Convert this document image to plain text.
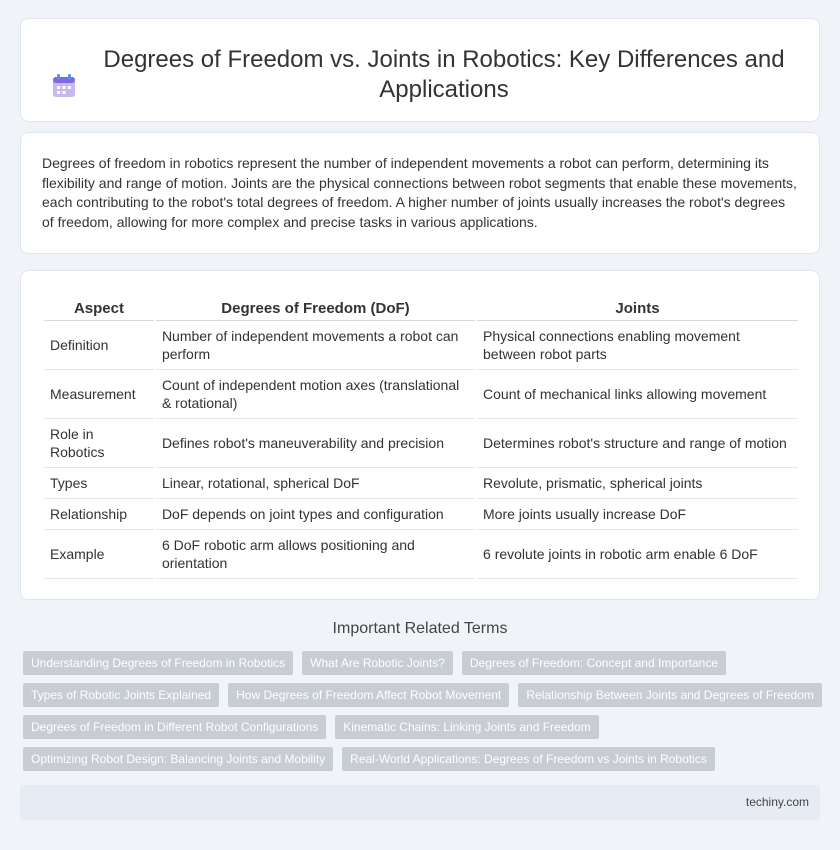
Degrees of Freedom vs. Joints in Robotics: Key Differences and Applications

Degrees of freedom in robotics represent the number of independent movements a robot can perform, determining its flexibility and range of motion. Joints are the physical connections between robot segments that enable these movements, each contributing to the robot's total degrees of freedom. A higher number of joints usually increases the robot's degrees of freedom, allowing for more complex and precise tasks in various applications.

Aspect	Degrees of Freedom (DoF)	Joints
Definition	Number of independent movements a robot can perform	Physical connections enabling movement between robot parts
Measurement	Count of independent motion axes (translational & rotational)	Count of mechanical links allowing movement
Role in Robotics	Defines robot's maneuverability and precision	Determines robot's structure and range of motion
Types	Linear, rotational, spherical DoF	Revolute, prismatic, spherical joints
Relationship	DoF depends on joint types and configuration	More joints usually increase DoF
Example	6 DoF robotic arm allows positioning and orientation	6 revolute joints in robotic arm enable 6 DoF
Important Related Terms
Understanding Degrees of Freedom in Robotics	What Are Robotic Joints?	Degrees of Freedom: Concept and Importance
Types of Robotic Joints Explained	How Degrees of Freedom Affect Robot Movement	Relationship Between Joints and Degrees of Freedom
Degrees of Freedom in Different Robot Configurations	Kinematic Chains: Linking Joints and Freedom
Optimizing Robot Design: Balancing Joints and Mobility	Real-World Applications: Degrees of Freedom vs Joints in Robotics
techiny.com
